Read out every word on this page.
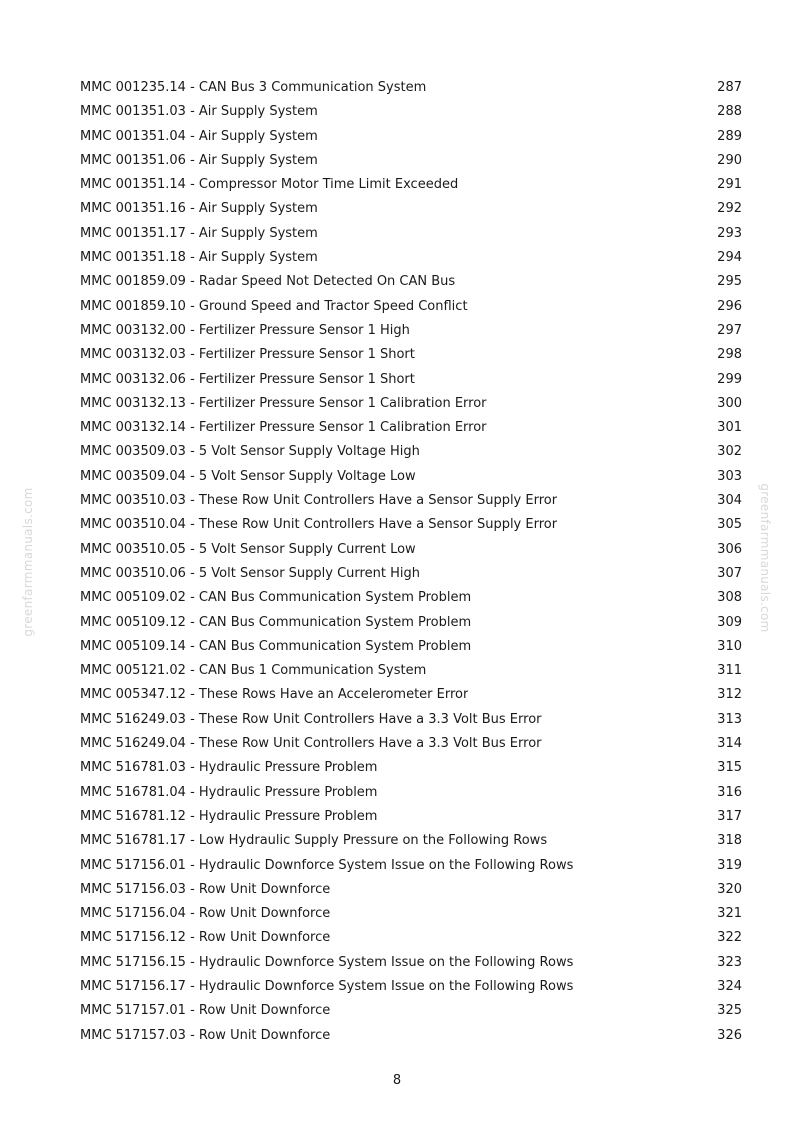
greenfarmmanuals.com	greenfarmmanuals.com
MMC 001235.14 - CAN Bus 3 Communication System	287
MMC 001351.03 - Air Supply System	288
MMC 001351.04 - Air Supply System	289
MMC 001351.06 - Air Supply System	290
MMC 001351.14 - Compressor Motor Time Limit Exceeded	291
MMC 001351.16 - Air Supply System	292
MMC 001351.17 - Air Supply System	293
MMC 001351.18 - Air Supply System	294
MMC 001859.09 - Radar Speed Not Detected On CAN Bus	295
MMC 001859.10 - Ground Speed and Tractor Speed Conflict	296
MMC 003132.00 - Fertilizer Pressure Sensor 1 High	297
MMC 003132.03 - Fertilizer Pressure Sensor 1 Short	298
MMC 003132.06 - Fertilizer Pressure Sensor 1 Short	299
MMC 003132.13 - Fertilizer Pressure Sensor 1 Calibration Error	300
MMC 003132.14 - Fertilizer Pressure Sensor 1 Calibration Error	301
MMC 003509.03 - 5 Volt Sensor Supply Voltage High	302
MMC 003509.04 - 5 Volt Sensor Supply Voltage Low	303
MMC 003510.03 - These Row Unit Controllers Have a Sensor Supply Error	304
MMC 003510.04 - These Row Unit Controllers Have a Sensor Supply Error	305
MMC 003510.05 - 5 Volt Sensor Supply Current Low	306
MMC 003510.06 - 5 Volt Sensor Supply Current High	307
MMC 005109.02 - CAN Bus Communication System Problem	308
MMC 005109.12 - CAN Bus Communication System Problem	309
MMC 005109.14 - CAN Bus Communication System Problem	310
MMC 005121.02 - CAN Bus 1 Communication System	311
MMC 005347.12 - These Rows Have an Accelerometer Error	312
MMC 516249.03 - These Row Unit Controllers Have a 3.3 Volt Bus Error	313
MMC 516249.04 - These Row Unit Controllers Have a 3.3 Volt Bus Error	314
MMC 516781.03 - Hydraulic Pressure Problem	315
MMC 516781.04 - Hydraulic Pressure Problem	316
MMC 516781.12 - Hydraulic Pressure Problem	317
MMC 516781.17 - Low Hydraulic Supply Pressure on the Following Rows	318
MMC 517156.01 - Hydraulic Downforce System Issue on the Following Rows	319
MMC 517156.03 - Row Unit Downforce	320
MMC 517156.04 - Row Unit Downforce	321
MMC 517156.12 - Row Unit Downforce	322
MMC 517156.15 - Hydraulic Downforce System Issue on the Following Rows	323
MMC 517156.17 - Hydraulic Downforce System Issue on the Following Rows	324
MMC 517157.01 - Row Unit Downforce	325
MMC 517157.03 - Row Unit Downforce	326
8
